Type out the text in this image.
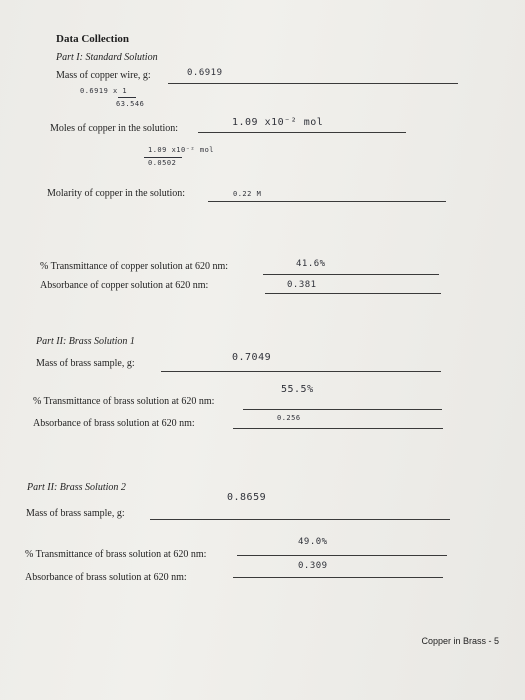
Data Collection
Part I: Standard Solution
Mass of copper wire, g:	0.6919
0.6919 x 1
63.546
Moles of copper in the solution:
1.09 x10⁻² mol
1.09 x10⁻² mol
0.0502
Molarity of copper in the solution:	0.22 M
% Transmittance of copper solution at 620 nm:	41.6%
Absorbance of copper solution at 620 nm:	0.381
Part II: Brass Solution 1
Mass of brass sample, g:
0.7049
% Transmittance of brass solution at 620 nm:
55.5%
Absorbance of brass solution at 620 nm:	0.256
Part II: Brass Solution 2
Mass of brass sample, g:
0.8659
% Transmittance of brass solution at 620 nm:
49.0%
Absorbance of brass solution at 620 nm:
0.309
Copper in Brass - 5
